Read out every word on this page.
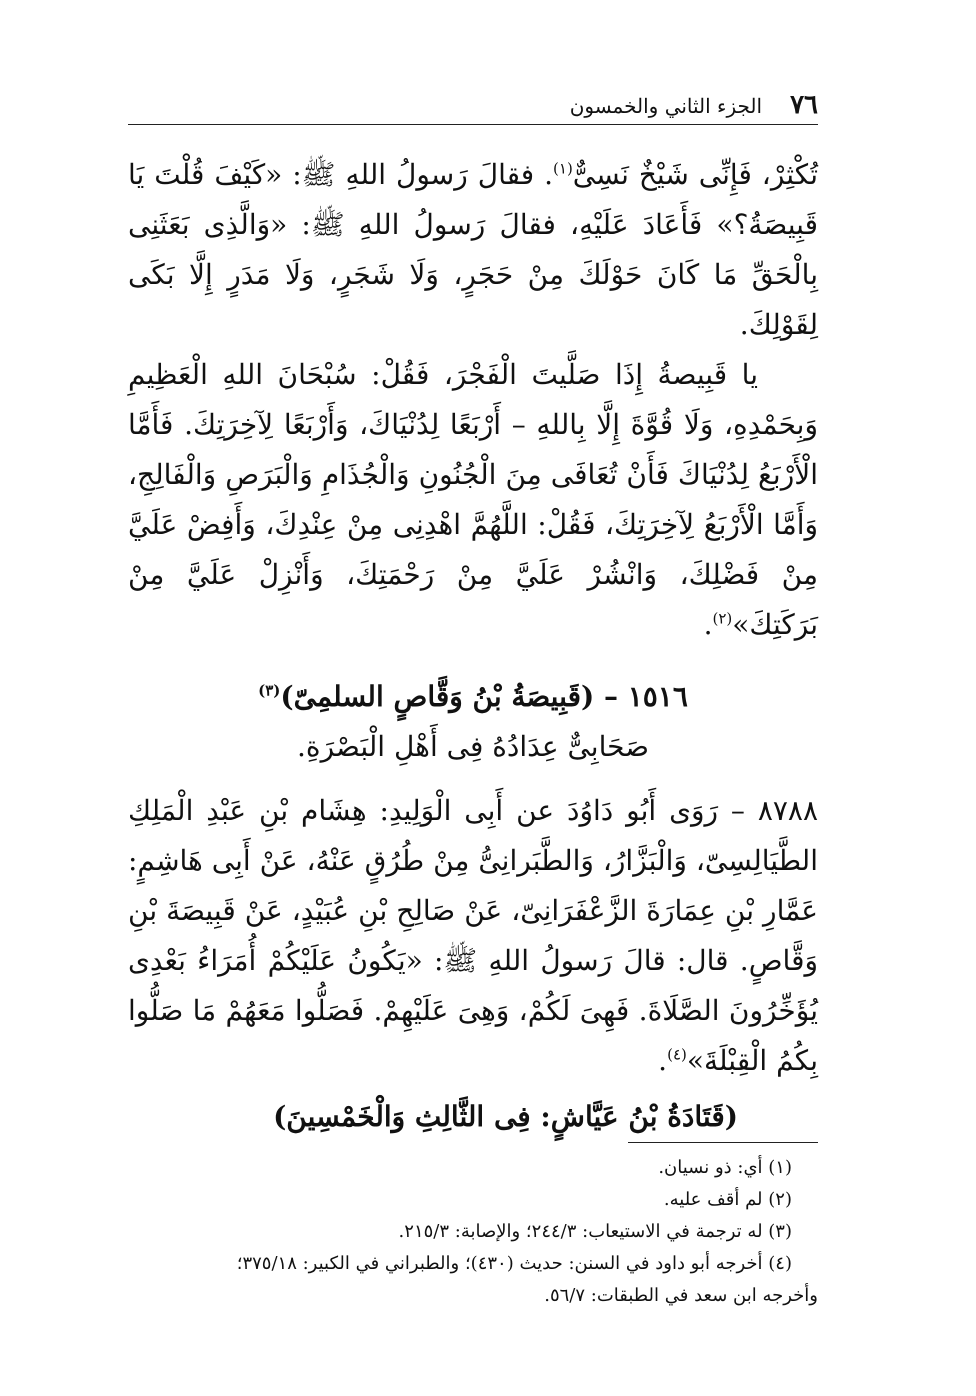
٧٦
الجزء الثاني والخمسون

تُكْثِرْ، فَإِنِّى شَيْخٌ نَسِىٌّ$^{(١)}$. فقالَ رَسولُ اللهِ ﷺ: «كَيْفَ قُلْتَ يَا قَبِيصَةُ؟» فَأَعَادَ عَلَيْهِ، فقالَ رَسولُ اللهِ ﷺ: «وَالَّذِى بَعَثَنِى بِالْحَقِّ مَا كَانَ حَوْلَكَ مِنْ حَجَرٍ، وَلَا شَجَرٍ، وَلَا مَدَرٍ إِلَّا بَكَى لِقَوْلِكَ.

يا قَبِيصةُ إِذَا صَلَّيتَ الْفَجْرَ، فَقُلْ: سُبْحَانَ اللهِ الْعَظِيمِ وَبِحَمْدِهِ، وَلَا قُوَّةَ إِلَّا بِاللهِ – أَرْبَعًا لِدُنْيَاكَ، وَأَرْبَعًا لِآخِرَتِكَ. فَأَمَّا الْأَرْبَعُ لِدُنْيَاكَ فَأَنْ تُعَافَى مِنَ الْجُنُونِ وَالْجُذَامِ وَالْبَرَصِ وَالْفَالِجِ، وَأَمَّا الْأَرْبَعُ لِآخِرَتِكَ، فَقُلْ: اللَّهُمَّ اهْدِنِى مِنْ عِنْدِكَ، وَأَفِضْ عَلَيَّ مِنْ فَضْلِكَ، وَانْشُرْ عَلَيَّ مِنْ رَحْمَتِكَ، وَأَنْزِلْ عَلَيَّ مِنْ بَرَكَتِكَ»$^{(٢)}$.

١٥١٦ – (قَبِيصَةُ بْنُ وَقَّاصٍ السلمِىّ)$^{(٣)}$

صَحَابِىٌّ عِدَادُهُ فِى أَهْلِ الْبَصْرَةِ.

٨٧٨٨ – رَوَى أَبُو دَاوُدَ عن أَبِى الْوَلِيدِ: هِشَام بْنِ عَبْدِ الْمَلِكِ الطَّيَالِسِىّ، وَالْبَزَّارُ، وَالطَّبَرانِىُّ مِنْ طُرُقٍ عَنْهُ، عَنْ أَبِى هَاشِمٍ: عَمَّارِ بْنِ عِمَارَةَ الزَّعْفَرَانِىّ، عَنْ صَالِحِ بْنِ عُبَيْدٍ، عَنْ قَبِيصَةَ بْنِ وَقَّاصٍ. قال: قالَ رَسولُ اللهِ ﷺ: «يَكُونُ عَلَيْكُمْ أُمَرَاءُ بَعْدِى يُؤَخِّرُونَ الصَّلَاةَ. فَهِىَ لَكُمْ، وَهِىَ عَلَيْهِمْ. فَصَلُّوا مَعَهُمْ مَا صَلُّوا بِكُمُ الْقِبْلَةَ»$^{(٤)}$.

(قَتَادَةُ بْنُ عَيَّاشٍ: فِى الثَّالِثِ وَالْخَمْسِينَ)

(١) أي: ذو نسيان.

(٢) لم أقف عليه.

(٣) له ترجمة في الاستيعاب: ٢٤٤/٣؛ والإصابة: ٢١٥/٣.

(٤) أخرجه أبو داود في السنن: حديث (٤٣٠)؛ والطبراني في الكبير: ٣٧٥/١٨؛

وأخرجه ابن سعد في الطبقات: ٥٦/٧.
